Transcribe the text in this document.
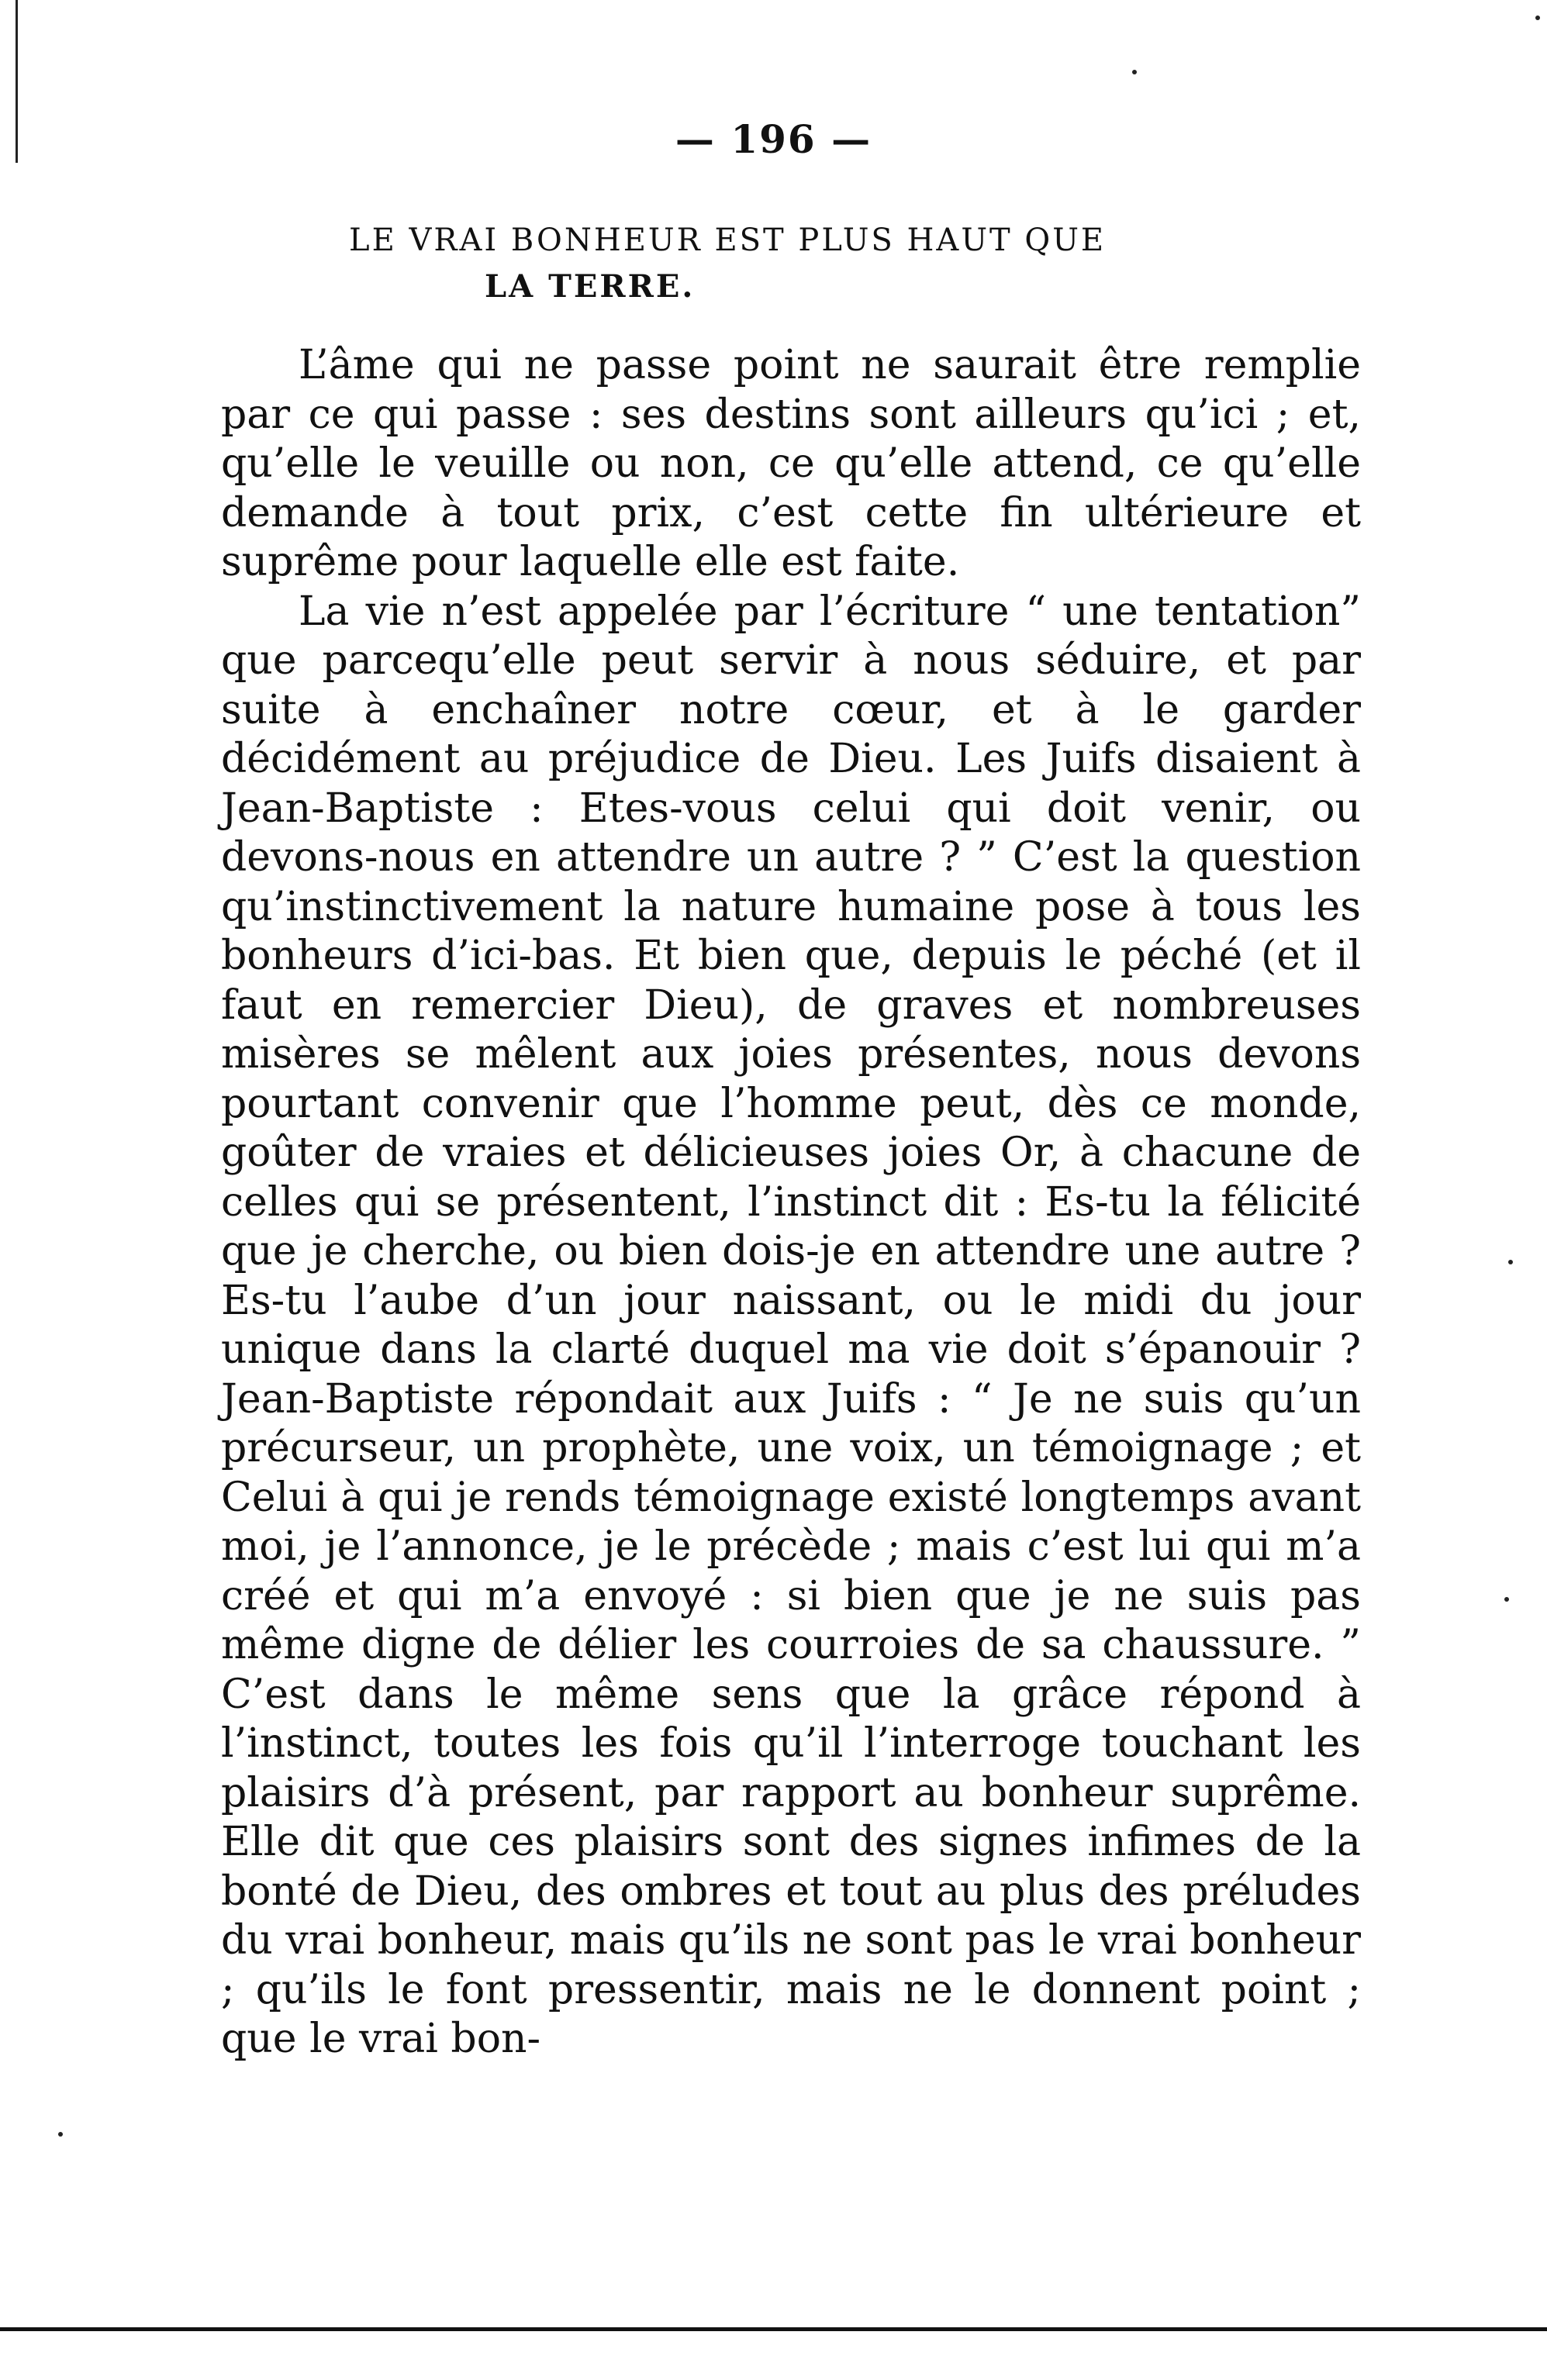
— 196 —
LE VRAI BONHEUR EST PLUS HAUT QUE
LA TERRE.

L’âme qui ne passe point ne saurait être remplie par ce qui passe : ses destins sont ailleurs qu’ici ; et, qu’elle le veuille ou non, ce qu’elle attend, ce qu’elle demande à tout prix, c’est cette fin ultérieure et suprême pour laquelle elle est faite.

La vie n’est appelée par l’écriture “ une tentation” que parcequ’elle peut servir à nous séduire, et par suite à enchaîner notre cœur, et à le garder décidément au préjudice de Dieu. Les Juifs disaient à Jean-Baptiste : Etes-vous celui qui doit venir, ou devons-nous en attendre un autre ? ” C’est la question qu’instinctivement la nature humaine pose à tous les bonheurs d’ici-bas. Et bien que, depuis le péché (et il faut en remercier Dieu), de graves et nombreuses misères se mêlent aux joies présentes, nous devons pourtant convenir que l’homme peut, dès ce monde, goûter de vraies et délicieuses joies Or, à chacune de celles qui se présentent, l’instinct dit : Es-tu la félicité que je cherche, ou bien dois-je en attendre une autre ? Es-tu l’aube d’un jour naissant, ou le midi du jour unique dans la clarté duquel ma vie doit s’épanouir ? Jean-Baptiste répondait aux Juifs : “ Je ne suis qu’un précurseur, un prophète, une voix, un témoignage ; et Celui à qui je rends témoignage existé longtemps avant moi, je l’annonce, je le précède ; mais c’est lui qui m’a créé et qui m’a envoyé : si bien que je ne suis pas même digne de délier les courroies de sa chaussure. ” C’est dans le même sens que la grâce répond à l’instinct, toutes les fois qu’il l’interroge touchant les plaisirs d’à présent, par rapport au bonheur suprême. Elle dit que ces plaisirs sont des signes infimes de la bonté de Dieu, des ombres et tout au plus des préludes du vrai bonheur, mais qu’ils ne sont pas le vrai bonheur ; qu’ils le font pressentir, mais ne le donnent point ; que le vrai bon-
